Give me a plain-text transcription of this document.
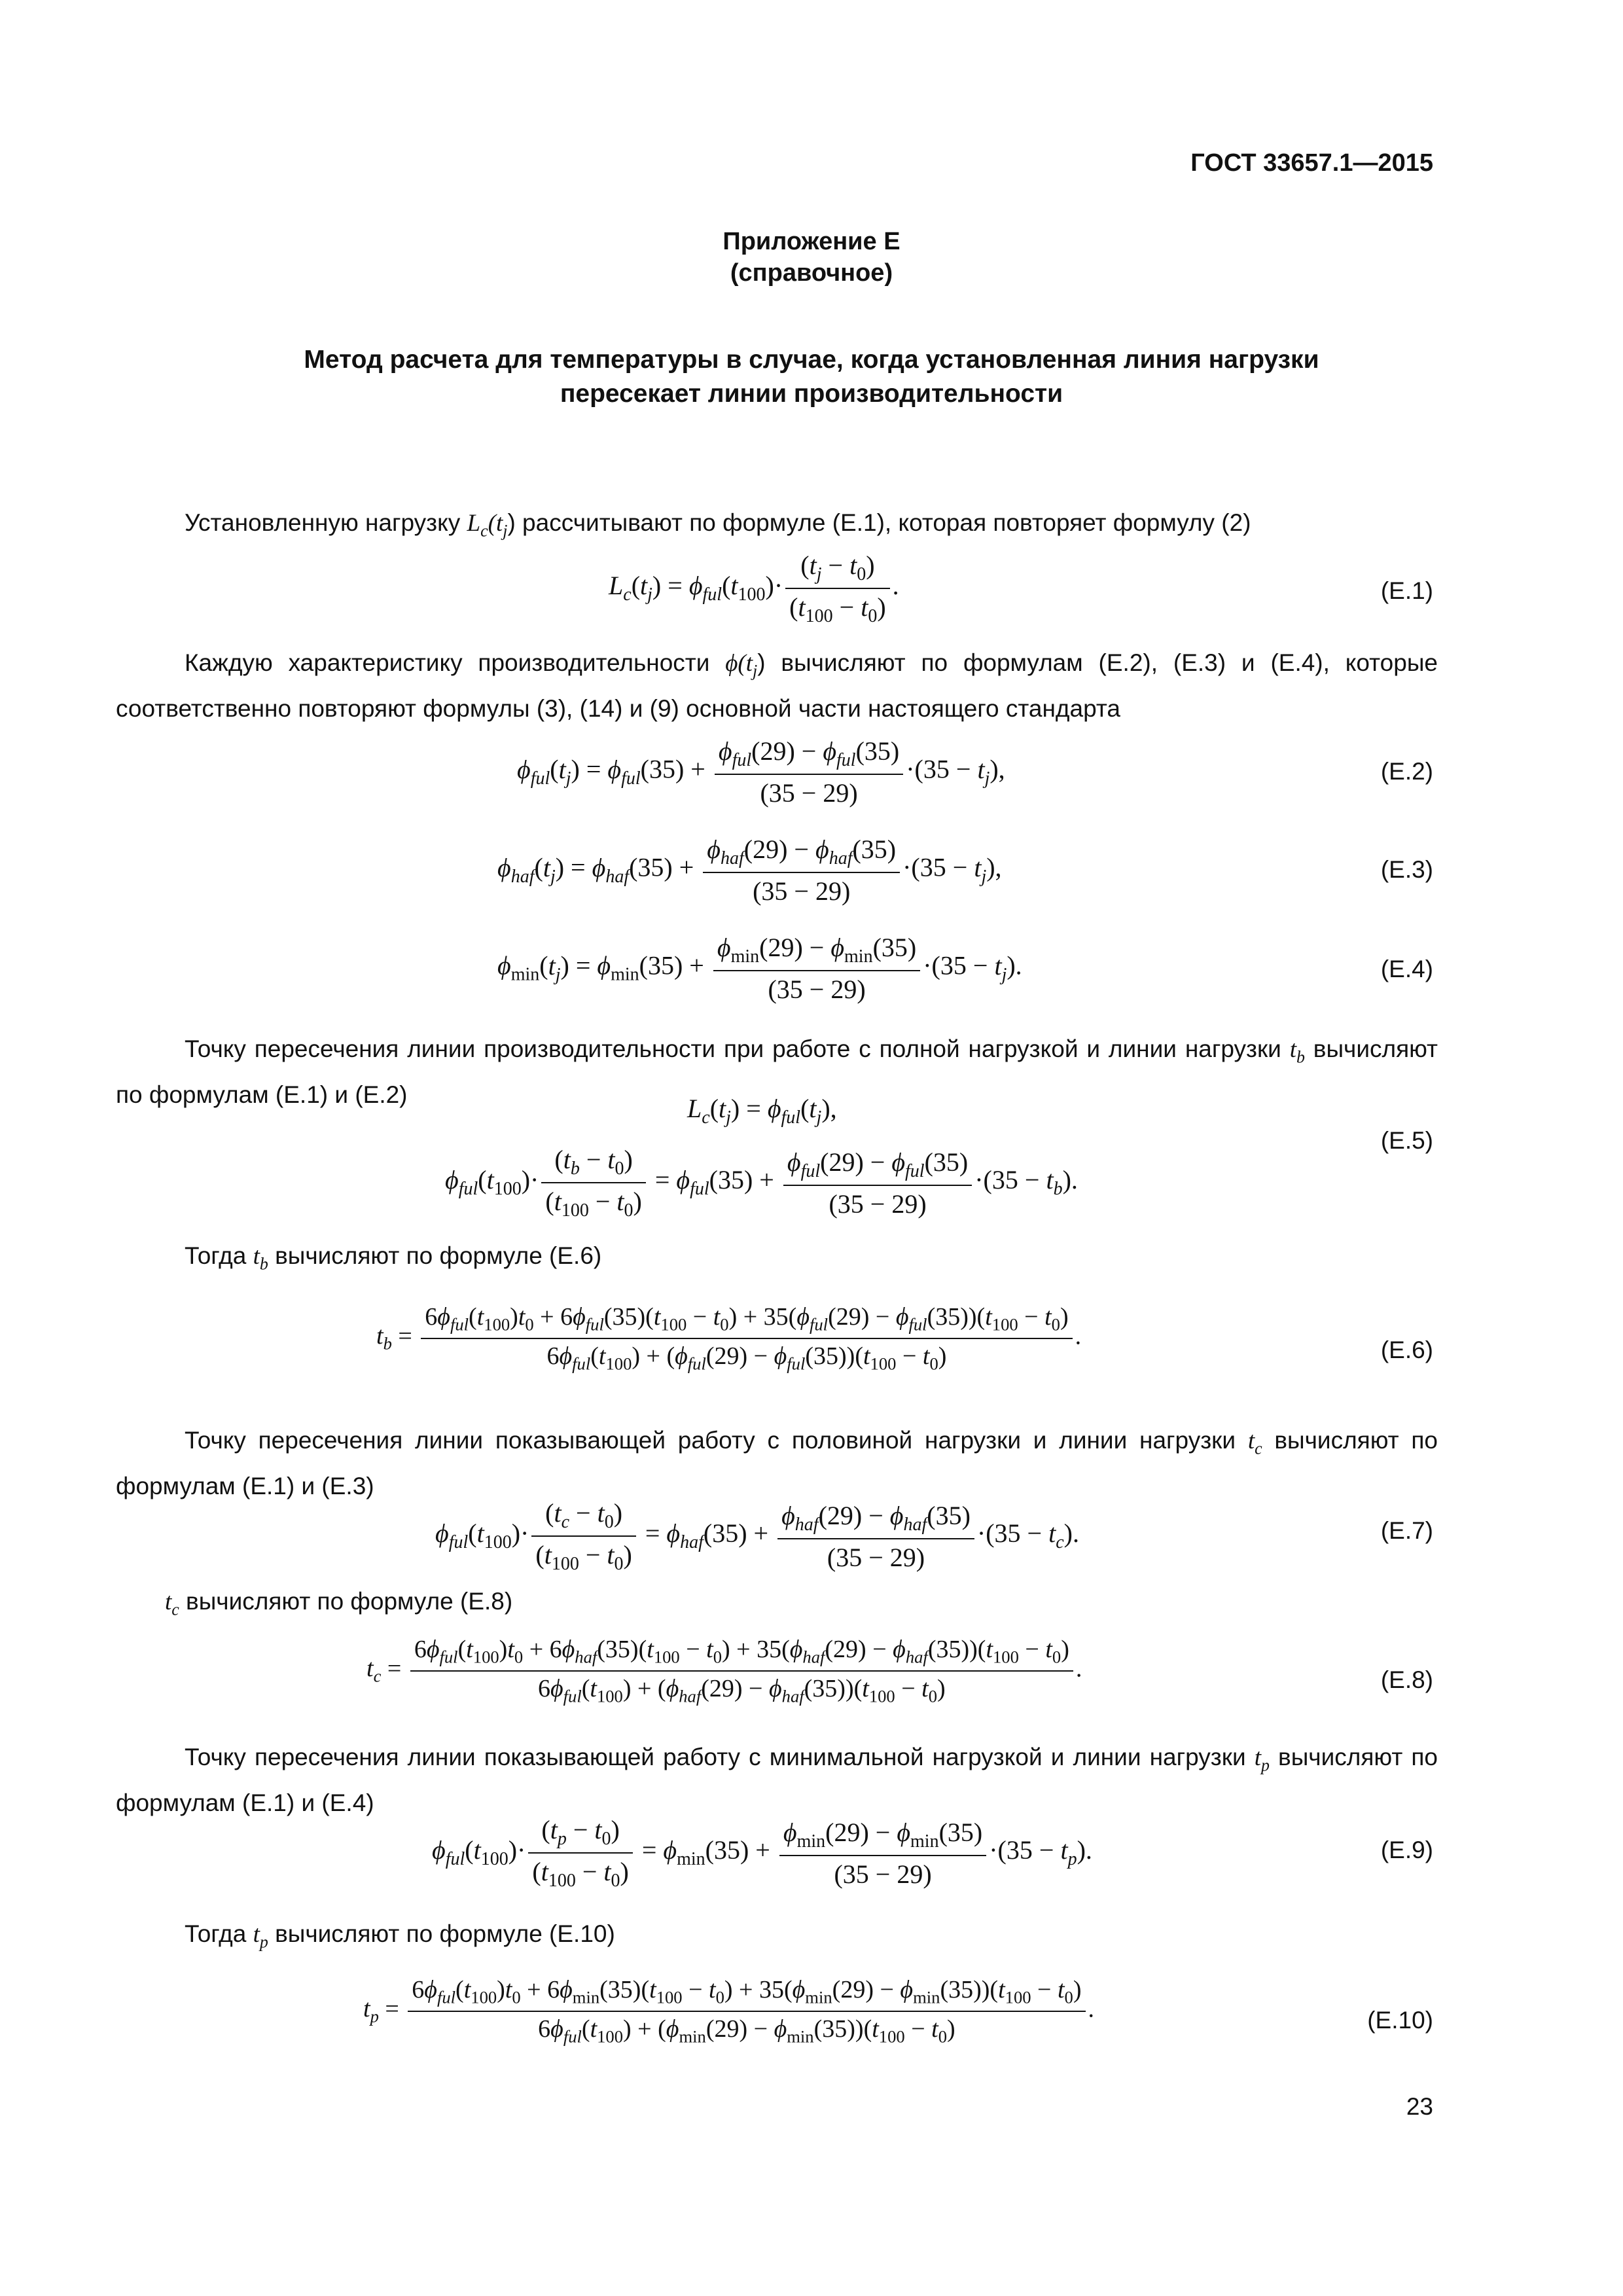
ГОСТ 33657.1—2015
Приложение Е
(справочное)
Метод расчета для температуры в случае, когда установленная линия нагрузки
пересекает линии производительности
Установленную нагрузку $L_c(t_j)$ рассчитывают по формуле (Е.1), которая повторяет формулу (2)
$L_c(t_j) = \phi_{ful}(t_{100})\cdot \frac{(t_j - t_0)}{(t_{100} - t_0)}$ .	(Е.1)
Каждую характеристику производительности $\phi(t_j)$ вычисляют по формулам (Е.2), (Е.3) и (Е.4), которые соответственно повторяют формулы (3), (14) и (9) основной части настоящего стандарта
$\phi_{ful}(t_j) = \phi_{ful}(35) + \frac{\phi_{ful}(29) - \phi_{ful}(35)}{(35 - 29)} \cdot(35 - t_j)$,	(Е.2)
$\phi_{haf}(t_j) = \phi_{haf}(35) + \frac{\phi_{haf}(29) - \phi_{haf}(35)}{(35 - 29)} \cdot(35 - t_j)$,	(Е.3)
$\phi_{min}(t_j) = \phi_{min}(35) + \frac{\phi_{min}(29) - \phi_{min}(35)}{(35 - 29)} \cdot(35 - t_j)$.	(Е.4)
Точку пересечения линии производительности при работе с полной нагрузкой и линии нагрузки $t_b$ вычисляют по формулам (Е.1) и (Е.2)	$L_c(t_j) = \phi_{ful}(t_j)$,
$\phi_{ful}(t_{100})\cdot \frac{(t_b - t_0)}{(t_{100} - t_0)} = \phi_{ful}(35) + \frac{\phi_{ful}(29) - \phi_{ful}(35)}{(35 - 29)} \cdot(35 - t_b)$.
(Е.5)
Тогда $t_b$ вычисляют по формуле (Е.6)
$t_b$ =
$6\phi_{ful}(t_{100})t_0 + 6\phi_{ful}(35)(t_{100} - t_0) + 35(\phi_{ful}(29) - \phi_{ful}(35))(t_{100} - t_0)$
$6\phi_{ful}(t_{100}) + (\phi_{ful}(29) - \phi_{ful}(35))(t_{100} - t_0)$
.
(Е.6)
Точку пересечения линии показывающей работу с половиной нагрузки и линии нагрузки $t_c$ вычисляют по формулам (Е.1) и (Е.3)
$\phi_{ful}(t_{100})\cdot \frac{(t_c - t_0)}{(t_{100} - t_0)} = \phi_{haf}(35) + \frac{\phi_{haf}(29) - \phi_{haf}(35)}{(35 - 29)} \cdot(35 - t_c)$.	(Е.7)
$t_c$ вычисляют по формуле (Е.8)
$t_c$ =
$6\phi_{ful}(t_{100})t_0 + 6\phi_{haf}(35)(t_{100} - t_0) + 35(\phi_{haf}(29) - \phi_{haf}(35))(t_{100} - t_0)$
$6\phi_{ful}(t_{100}) + (\phi_{haf}(29) - \phi_{haf}(35))(t_{100} - t_0)$
.	(Е.8)
Точку пересечения линии показывающей работу с минимальной нагрузкой и линии нагрузки $t_p$ вычисляют по формулам (Е.1) и (Е.4)
$\phi_{ful}(t_{100})\cdot \frac{(t_p - t_0)}{(t_{100} - t_0)} = \phi_{min}(35) + \frac{\phi_{min}(29) - \phi_{min}(35)}{(35 - 29)} \cdot(35 - t_p)$.	(Е.9)
Тогда $t_p$ вычисляют по формуле (Е.10)
$t_p$ =
$6\phi_{ful}(t_{100})t_0 + 6\phi_{min}(35)(t_{100} - t_0) + 35(\phi_{min}(29) - \phi_{min}(35))(t_{100} - t_0)$
$6\phi_{ful}(t_{100}) + (\phi_{min}(29) - \phi_{min}(35))(t_{100} - t_0)$
.	(Е.10)
23
